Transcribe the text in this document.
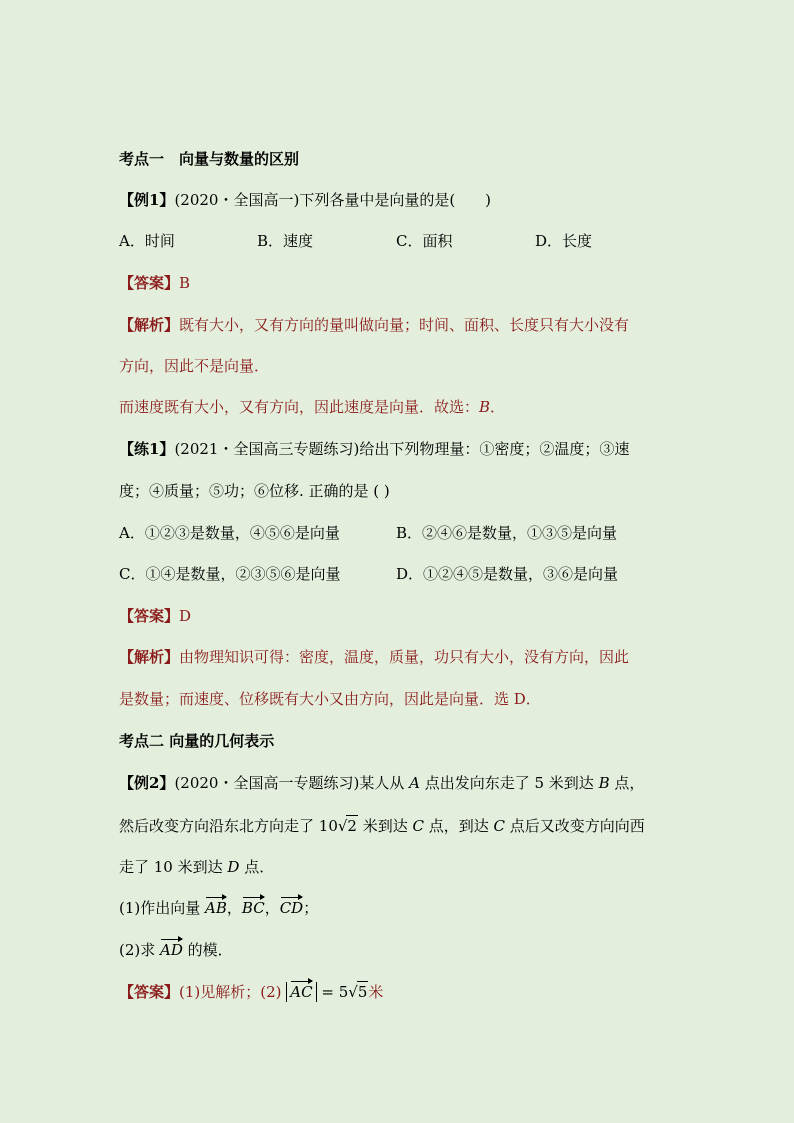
考点一　向量与数量的区别
【例1】(2020・全国高一)下列各量中是向量的是(　　)
A．时间	B．速度	C．面积	D．长度
【答案】B
【解析】既有大小，又有方向的量叫做向量；时间、面积、长度只有大小没有
方向，因此不是向量．
而速度既有大小，又有方向，因此速度是向量．故选：B．
【练1】(2021・全国高三专题练习)给出下列物理量：①密度；②温度；③速
度；④质量；⑤功；⑥位移. 正确的是 ( )
A．①②③是数量，④⑤⑥是向量	B．②④⑥是数量，①③⑤是向量
C．①④是数量，②③⑤⑥是向量	D．①②④⑤是数量，③⑥是向量
【答案】D
【解析】由物理知识可得：密度，温度，质量，功只有大小，没有方向，因此
是数量；而速度、位移既有大小又由方向，因此是向量．选 D．
考点二 向量的几何表示
【例2】(2020・全国高一专题练习)某人从 A 点出发向东走了 5 米到达 B 点，
然后改变方向沿东北方向走了 10√2 米到达 C 点，到达 C 点后又改变方向向西
走了 10 米到达 D 点．
(1)作出向量 AB，BC，CD；
(2)求 AD 的模．
【答案】(1)见解析；(2) AC = 5√5米
